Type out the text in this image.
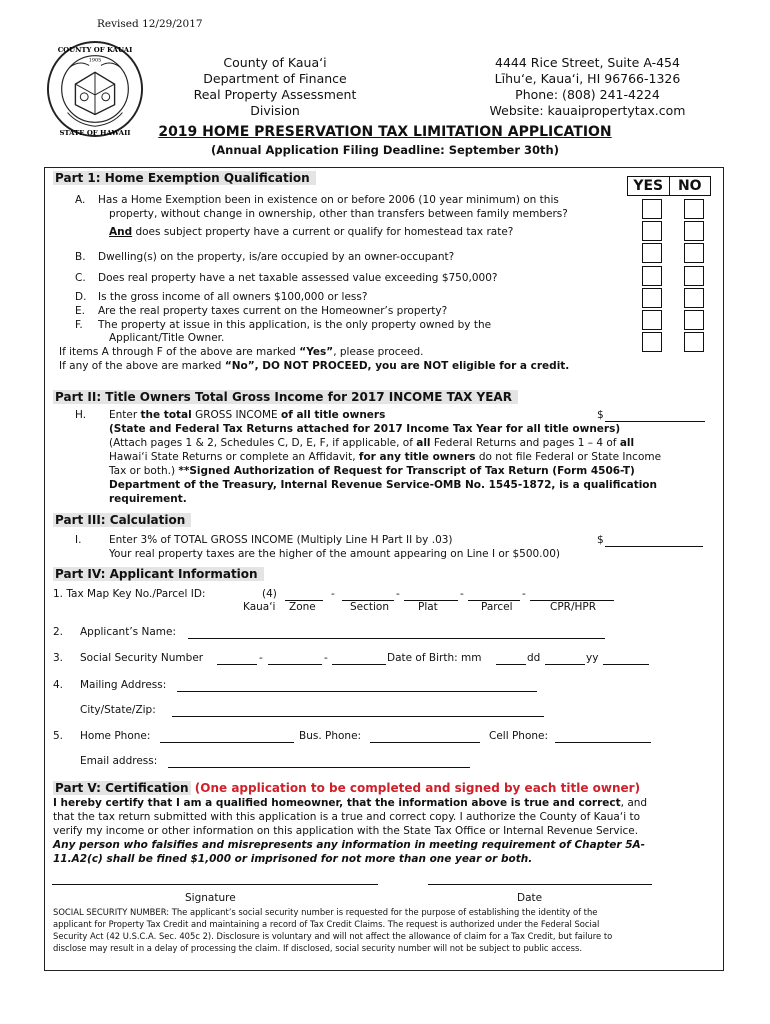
Revised 12/29/2017
COUNTY OF KAUAI
STATE OF HAWAII
1905	County of Kaua‘i
Department of Finance
Real Property Assessment Division
4444 Rice Street, Suite A-454
Līhu‘e, Kaua‘i, HI 96766-1326
Phone: (808) 241-4224
Website: kauaipropertytax.com
2019 HOME PRESERVATION TAX LIMITATION APPLICATION
(Annual Application Filing Deadline: September 30th)
Part 1: Home Exemption Qualification	YES	NO
A. Has a Home Exemption been in existence on or before 2006 (10 year minimum) on this
property, without change in ownership, other than transfers between family members?
And does subject property have a current or qualify for homestead tax rate?
B. Dwelling(s) on the property, is/are occupied by an owner-occupant?
C. Does real property have a net taxable assessed value exceeding $750,000?
D. Is the gross income of all owners $100,000 or less?
E. Are the real property taxes current on the Homeowner’s property?
F. The property at issue in this application, is the only property owned by the
Applicant/Title Owner.
If items A through F of the above are marked “Yes”, please proceed.
If any of the above are marked “No”, DO NOT PROCEED, you are NOT eligible for a credit.
Part II: Title Owners Total Gross Income for 2017 INCOME TAX YEAR
H. Enter the total GROSS INCOME of all title owners	$
(State and Federal Tax Returns attached for 2017 Income Tax Year for all title owners)
(Attach pages 1 & 2, Schedules C, D, E, F, if applicable, of all Federal Returns and pages 1 – 4 of all
Hawai‘i State Returns or complete an Affidavit, for any title owners do not file Federal or State Income
Tax or both.) **Signed Authorization of Request for Transcript of Tax Return (Form 4506-T)
Department of the Treasury, Internal Revenue Service-OMB No. 1545-1872, is a qualification
requirement.
Part III: Calculation
I.	Enter 3% of TOTAL GROSS INCOME (Multiply Line H Part II by .03)	$
Your real property taxes are the higher of the amount appearing on Line I or $500.00)
Part IV: Applicant Information
1. Tax Map Key No./Parcel ID:	(4)	-	-	-	-
Kaua‘i Zone	Section	Plat	Parcel	CPR/HPR
2. Applicant’s Name:
3. Social Security Number	-	-	Date of Birth: mm	dd	yy
4. Mailing Address:
City/State/Zip:
5. Home Phone:	Bus. Phone:	Cell Phone:
Email address:
Part V: Certification (One application to be completed and signed by each title owner)
I hereby certify that I am a qualified homeowner, that the information above is true and correct, and
that the tax return submitted with this application is a true and correct copy. I authorize the County of Kaua‘i to
verify my income or other information on this application with the State Tax Office or Internal Revenue Service.
Any person who falsifies and misrepresents any information in meeting requirement of Chapter 5A-
11.A2(c) shall be fined $1,000 or imprisoned for not more than one year or both.
Signature	Date
SOCIAL SECURITY NUMBER: The applicant’s social security number is requested for the purpose of establishing the identity of the
applicant for Property Tax Credit and maintaining a record of Tax Credit Claims. The request is authorized under the Federal Social
Security Act (42 U.S.C.A. Sec. 405c 2). Disclosure is voluntary and will not affect the allowance of claim for a Tax Credit, but failure to
disclose may result in a delay of processing the claim. If disclosed, social security number will not be subject to public access.
